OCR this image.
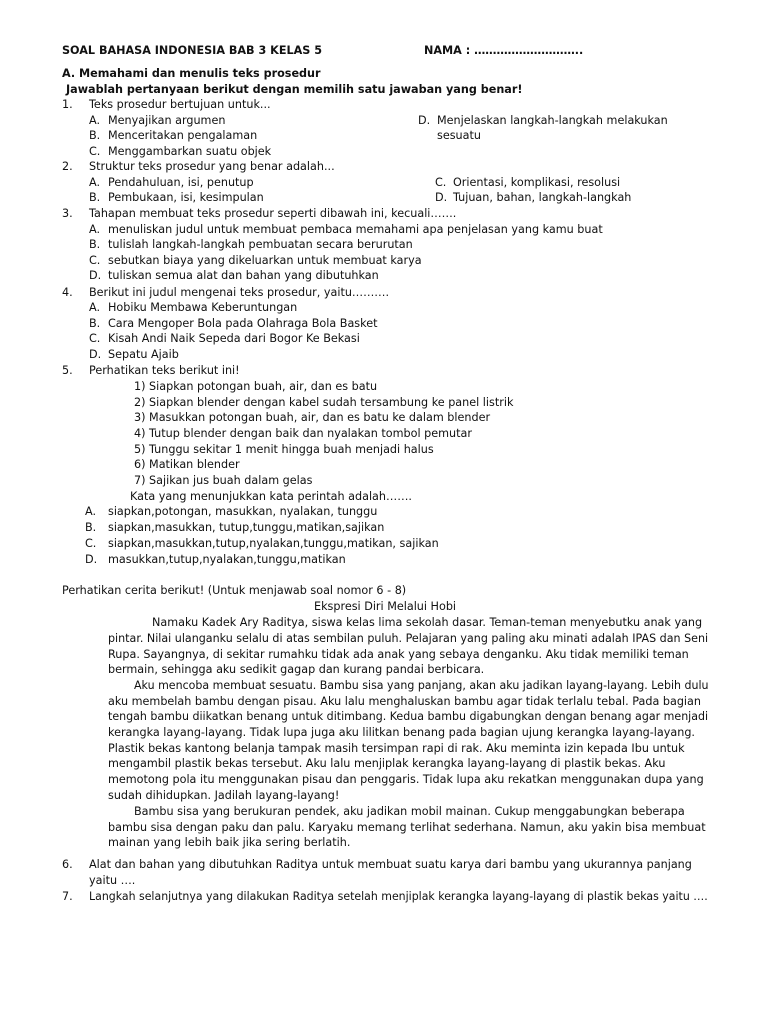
SOAL BAHASA INDONESIA BAB 3 KELAS 5	NAMA : ………………………..
A. Memahami dan menulis teks prosedur
Jawablah pertanyaan berikut dengan memilih satu jawaban yang benar!
1. Teks prosedur bertujuan untuk...
A. Menyajikan argumen
B. Menceritakan pengalaman
C. Menggambarkan suatu objek
D. Menjelaskan langkah-langkah melakukan
sesuatu
2. Struktur teks prosedur yang benar adalah...
A. Pendahuluan, isi, penutup
B. Pembukaan, isi, kesimpulan
C. Orientasi, komplikasi, resolusi
D. Tujuan, bahan, langkah-langkah
3. Tahapan membuat teks prosedur seperti dibawah ini, kecuali…….
A. menuliskan judul untuk membuat pembaca memahami apa penjelasan yang kamu buat
B. tulislah langkah-langkah pembuatan secara berurutan
C. sebutkan biaya yang dikeluarkan untuk membuat karya
D. tuliskan semua alat dan bahan yang dibutuhkan
4. Berikut ini judul mengenai teks prosedur, yaitu……….
A. Hobiku Membawa Keberuntungan
B. Cara Mengoper Bola pada Olahraga Bola Basket
C. Kisah Andi Naik Sepeda dari Bogor Ke Bekasi
D. Sepatu Ajaib
5. Perhatikan teks berikut ini!
1) Siapkan potongan buah, air, dan es batu
2) Siapkan blender dengan kabel sudah tersambung ke panel listrik
3) Masukkan potongan buah, air, dan es batu ke dalam blender
4) Tutup blender dengan baik dan nyalakan tombol pemutar
5) Tunggu sekitar 1 menit hingga buah menjadi halus
6) Matikan blender
7) Sajikan jus buah dalam gelas
Kata yang menunjukkan kata perintah adalah…….
A. siapkan,potongan, masukkan, nyalakan, tunggu
B. siapkan,masukkan, tutup,tunggu,matikan,sajikan
C. siapkan,masukkan,tutup,nyalakan,tunggu,matikan, sajikan
D. masukkan,tutup,nyalakan,tunggu,matikan
Perhatikan cerita berikut! (Untuk menjawab soal nomor 6 - 8)
Ekspresi Diri Melalui Hobi
Namaku Kadek Ary Raditya, siswa kelas lima sekolah dasar. Teman-teman menyebutku anak yang
pintar. Nilai ulanganku selalu di atas sembilan puluh. Pelajaran yang paling aku minati adalah IPAS dan Seni
Rupa. Sayangnya, di sekitar rumahku tidak ada anak yang sebaya denganku. Aku tidak memiliki teman
bermain, sehingga aku sedikit gagap dan kurang pandai berbicara.
Aku mencoba membuat sesuatu. Bambu sisa yang panjang, akan aku jadikan layang-layang. Lebih dulu
aku membelah bambu dengan pisau. Aku lalu menghaluskan bambu agar tidak terlalu tebal. Pada bagian
tengah bambu diikatkan benang untuk ditimbang. Kedua bambu digabungkan dengan benang agar menjadi
kerangka layang-layang. Tidak lupa juga aku lilitkan benang pada bagian ujung kerangka layang-layang.
Plastik bekas kantong belanja tampak masih tersimpan rapi di rak. Aku meminta izin kepada Ibu untuk
mengambil plastik bekas tersebut. Aku lalu menjiplak kerangka layang-layang di plastik bekas. Aku
memotong pola itu menggunakan pisau dan penggaris. Tidak lupa aku rekatkan menggunakan dupa yang
sudah dihidupkan. Jadilah layang-layang!
Bambu sisa yang berukuran pendek, aku jadikan mobil mainan. Cukup menggabungkan beberapa
bambu sisa dengan paku dan palu. Karyaku memang terlihat sederhana. Namun, aku yakin bisa membuat
mainan yang lebih baik jika sering berlatih.
6. Alat dan bahan yang dibutuhkan Raditya untuk membuat suatu karya dari bambu yang ukurannya panjang
yaitu ….
7. Langkah selanjutnya yang dilakukan Raditya setelah menjiplak kerangka layang-layang di plastik bekas yaitu ….
